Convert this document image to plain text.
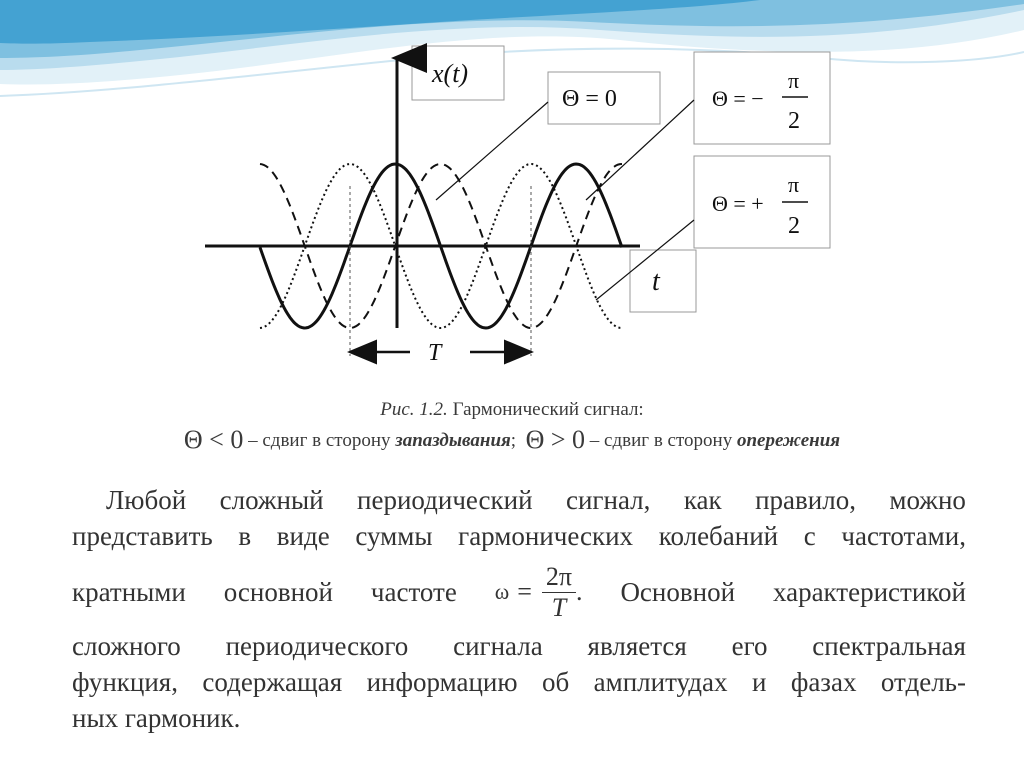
T
x(t)
t
Θ = 0	Θ = −
π
2
Θ = +
π
2
Рис. 1.2. Гармонический сигнал:
Θ < 0 – сдвиг в сторону запаздывания; Θ > 0 – сдвиг в сторону опережения
Любой сложный периодический сигнал, как правило, можно
представить в виде суммы гармонических колебаний с частотами,
кратными основной частоте $\omega = \frac{2\pi}{T}$ . Основной характеристикой
сложного периодического сигнала является его спектральная
функция, содержащая информацию об амплитудах и фазах отдель-
ных гармоник.
